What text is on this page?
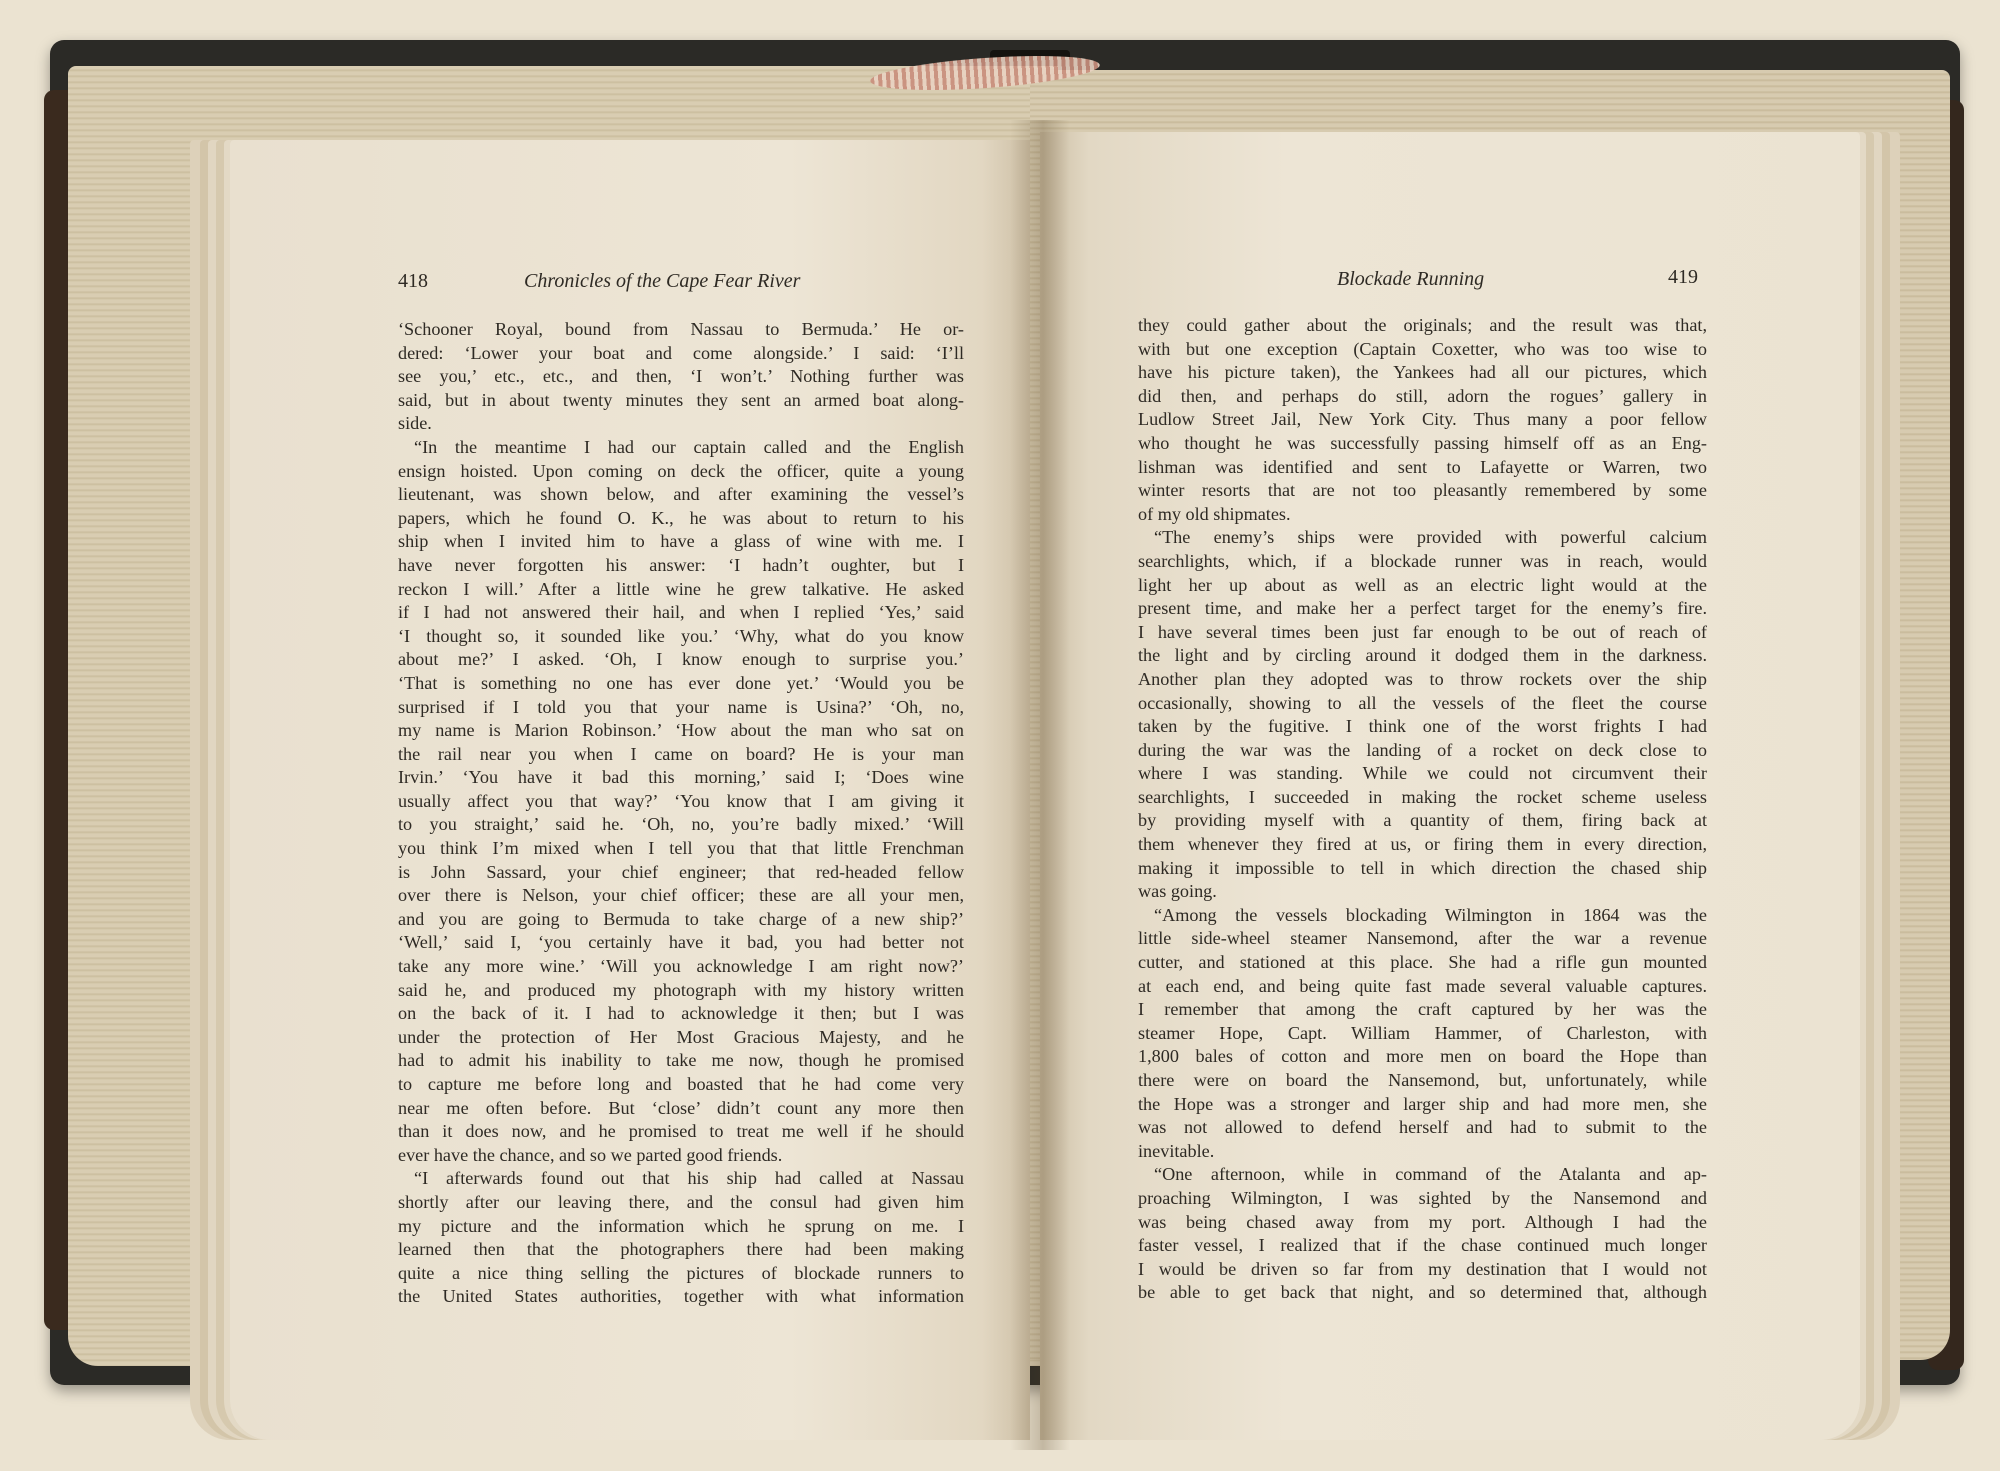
418	Chronicles of the Cape Fear River	Blockade Running	419
‘Schooner Royal, bound from Nassau to Bermuda.’ He or-
dered: ‘Lower your boat and come alongside.’ I said: ‘I’ll
see you,’ etc., etc., and then, ‘I won’t.’ Nothing further was
said, but in about twenty minutes they sent an armed boat along-
side.
“In the meantime I had our captain called and the English
ensign hoisted. Upon coming on deck the officer, quite a young
lieutenant, was shown below, and after examining the vessel’s
papers, which he found O. K., he was about to return to his
ship when I invited him to have a glass of wine with me. I
have never forgotten his answer: ‘I hadn’t oughter, but I
reckon I will.’ After a little wine he grew talkative. He asked
if I had not answered their hail, and when I replied ‘Yes,’ said
‘I thought so, it sounded like you.’ ‘Why, what do you know
about me?’ I asked. ‘Oh, I know enough to surprise you.’
‘That is something no one has ever done yet.’ ‘Would you be
surprised if I told you that your name is Usina?’ ‘Oh, no,
my name is Marion Robinson.’ ‘How about the man who sat on
the rail near you when I came on board? He is your man
Irvin.’ ‘You have it bad this morning,’ said I; ‘Does wine
usually affect you that way?’ ‘You know that I am giving it
to you straight,’ said he. ‘Oh, no, you’re badly mixed.’ ‘Will
you think I’m mixed when I tell you that that little Frenchman
is John Sassard, your chief engineer; that red-headed fellow
over there is Nelson, your chief officer; these are all your men,
and you are going to Bermuda to take charge of a new ship?’
‘Well,’ said I, ‘you certainly have it bad, you had better not
take any more wine.’ ‘Will you acknowledge I am right now?’
said he, and produced my photograph with my history written
on the back of it. I had to acknowledge it then; but I was
under the protection of Her Most Gracious Majesty, and he
had to admit his inability to take me now, though he promised
to capture me before long and boasted that he had come very
near me often before. But ‘close’ didn’t count any more then
than it does now, and he promised to treat me well if he should
ever have the chance, and so we parted good friends.
“I afterwards found out that his ship had called at Nassau
shortly after our leaving there, and the consul had given him
my picture and the information which he sprung on me. I
learned then that the photographers there had been making
quite a nice thing selling the pictures of blockade runners to
the United States authorities, together with what information
they could gather about the originals; and the result was that,
with but one exception (Captain Coxetter, who was too wise to
have his picture taken), the Yankees had all our pictures, which
did then, and perhaps do still, adorn the rogues’ gallery in
Ludlow Street Jail, New York City. Thus many a poor fellow
who thought he was successfully passing himself off as an Eng-
lishman was identified and sent to Lafayette or Warren, two
winter resorts that are not too pleasantly remembered by some
of my old shipmates.
“The enemy’s ships were provided with powerful calcium
searchlights, which, if a blockade runner was in reach, would
light her up about as well as an electric light would at the
present time, and make her a perfect target for the enemy’s fire.
I have several times been just far enough to be out of reach of
the light and by circling around it dodged them in the darkness.
Another plan they adopted was to throw rockets over the ship
occasionally, showing to all the vessels of the fleet the course
taken by the fugitive. I think one of the worst frights I had
during the war was the landing of a rocket on deck close to
where I was standing. While we could not circumvent their
searchlights, I succeeded in making the rocket scheme useless
by providing myself with a quantity of them, firing back at
them whenever they fired at us, or firing them in every direction,
making it impossible to tell in which direction the chased ship
was going.
“Among the vessels blockading Wilmington in 1864 was the
little side-wheel steamer Nansemond, after the war a revenue
cutter, and stationed at this place. She had a rifle gun mounted
at each end, and being quite fast made several valuable captures.
I remember that among the craft captured by her was the
steamer Hope, Capt. William Hammer, of Charleston, with
1,800 bales of cotton and more men on board the Hope than
there were on board the Nansemond, but, unfortunately, while
the Hope was a stronger and larger ship and had more men, she
was not allowed to defend herself and had to submit to the
inevitable.
“One afternoon, while in command of the Atalanta and ap-
proaching Wilmington, I was sighted by the Nansemond and
was being chased away from my port. Although I had the
faster vessel, I realized that if the chase continued much longer
I would be driven so far from my destination that I would not
be able to get back that night, and so determined that, although
